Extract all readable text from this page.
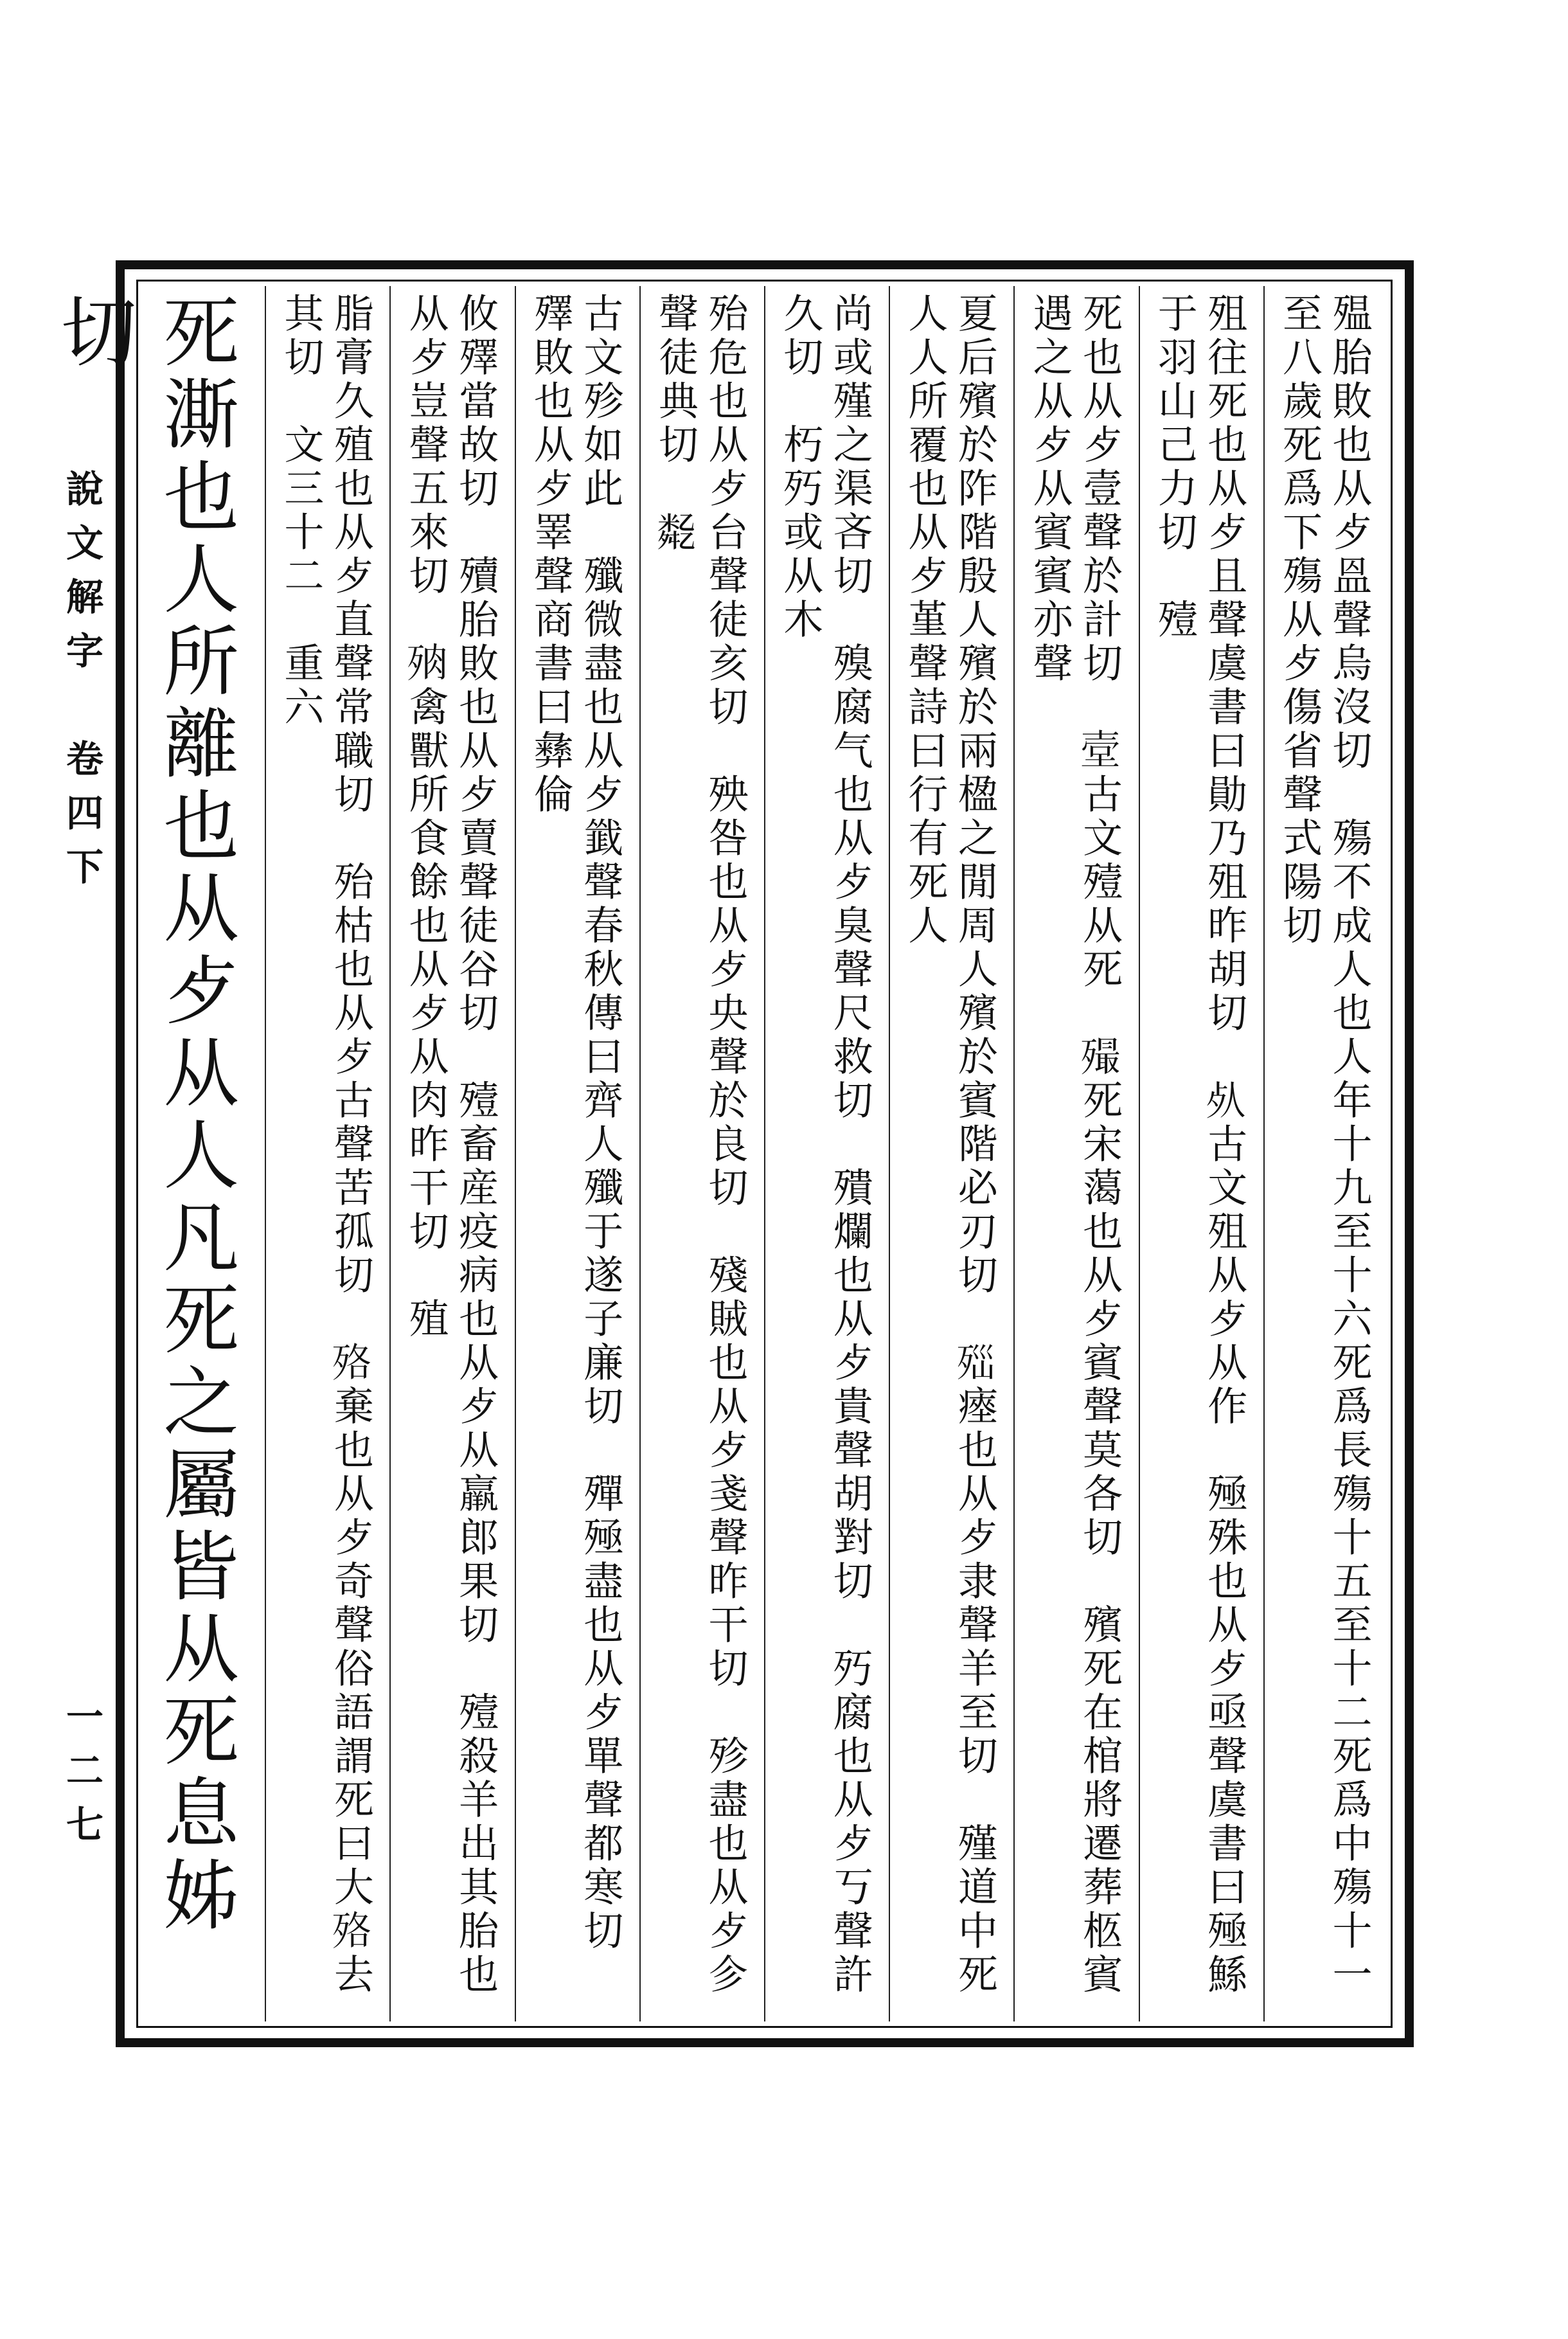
說文解字　卷四下
一二七	殟胎敗也从歺𥁕聲烏沒切　殤不成人也人年十九至十六死爲長殤十五至十二死爲中殤十一至八歲死爲下殤从歺傷省聲式陽切
殂往死也从歺且聲虞書曰勛乃殂昨胡切　𣦸古文殂从歺从作　殛殊也从歺亟聲虞書曰殛鯀于羽山己力切　殪
死也从歺壹聲於計切　𡔪古文殪从死　𣩡死宋䔽也从歺賓聲莫各切　殯死在棺將遷葬柩賓遇之从歺从賓賓亦聲
夏后殯於阼階殷人殯於兩楹之閒周人殯於賓階必刃切　𣧽瘞也从歺隶聲羊至切　殣道中死人人所覆也从歺堇聲詩曰行有死人
尚或殣之渠吝切　殠腐气也从歺臭聲尺救切　殨爛也从歺貴聲胡對切　㱙腐也从歺丂聲許久切　朽㱙或从木
殆危也从歺台聲徒亥切　殃咎也从歺央聲於良切　殘賊也从歺戔聲昨干切　殄盡也从歺㐱聲徒典切　𠄈
古文殄如此　殲微盡也从歺韱聲春秋傳曰齊人殲于遂子廉切　殫殛盡也从歺單聲都寒切　殬敗也从歺睪聲商書曰彝倫
攸殬當故切　殰胎敗也从歺賣聲徒谷切　殪畜産疫病也从歺从羸郎果切　殪殺羊出其胎也从歺豈聲五來切　𣧻禽獸所食餘也从歺从肉昨干切　殖
脂膏久殖也从歺直聲常職切　殆枯也从歺古聲苦孤切　𣧳棄也从歺奇聲俗語謂死曰大𣧳去其切　文三十二　重六
死澌也人所離也从歺从人凡死之屬皆从死息姊切
